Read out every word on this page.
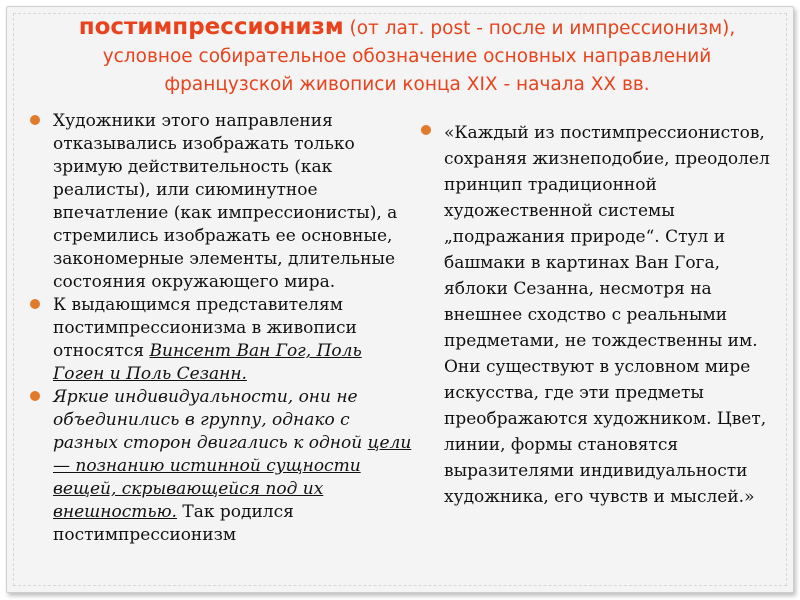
постимпрессионизм (от лат. post - после и импрессионизм),
условное собирательное обозначение основных направлений
французской живописи конца XIX - начала XX вв.
Художники этого направления отказывались изображать только зримую действительность (как реалисты), или сиюминутное впечатление (как импрессионисты), а стремились изображать ее основные, закономерные элементы, длительные состояния окружающего мира.
К выдающимся представителям постимпрессионизма в живописи относятся Винсент Ван Гог, Поль Гоген и Поль Сезанн.
Яркие индивидуальности, они не объединились в группу, однако с разных сторон двигались к одной цели — познанию истинной сущности вещей, скрывающейся под их внешностью. Так родился постимпрессионизм
«Каждый из постимпрессионистов, сохраняя жизнеподобие, преодолел принцип традиционной художественной системы „подражания природе“. Стул и башмаки в картинах Ван Гога, яблоки Сезанна, несмотря на внешнее сходство с реальными предметами, не тождественны им. Они существуют в условном мире искусства, где эти предметы преображаются художником. Цвет, линии, формы становятся выразителями индивидуальности художника, его чувств и мыслей.»
